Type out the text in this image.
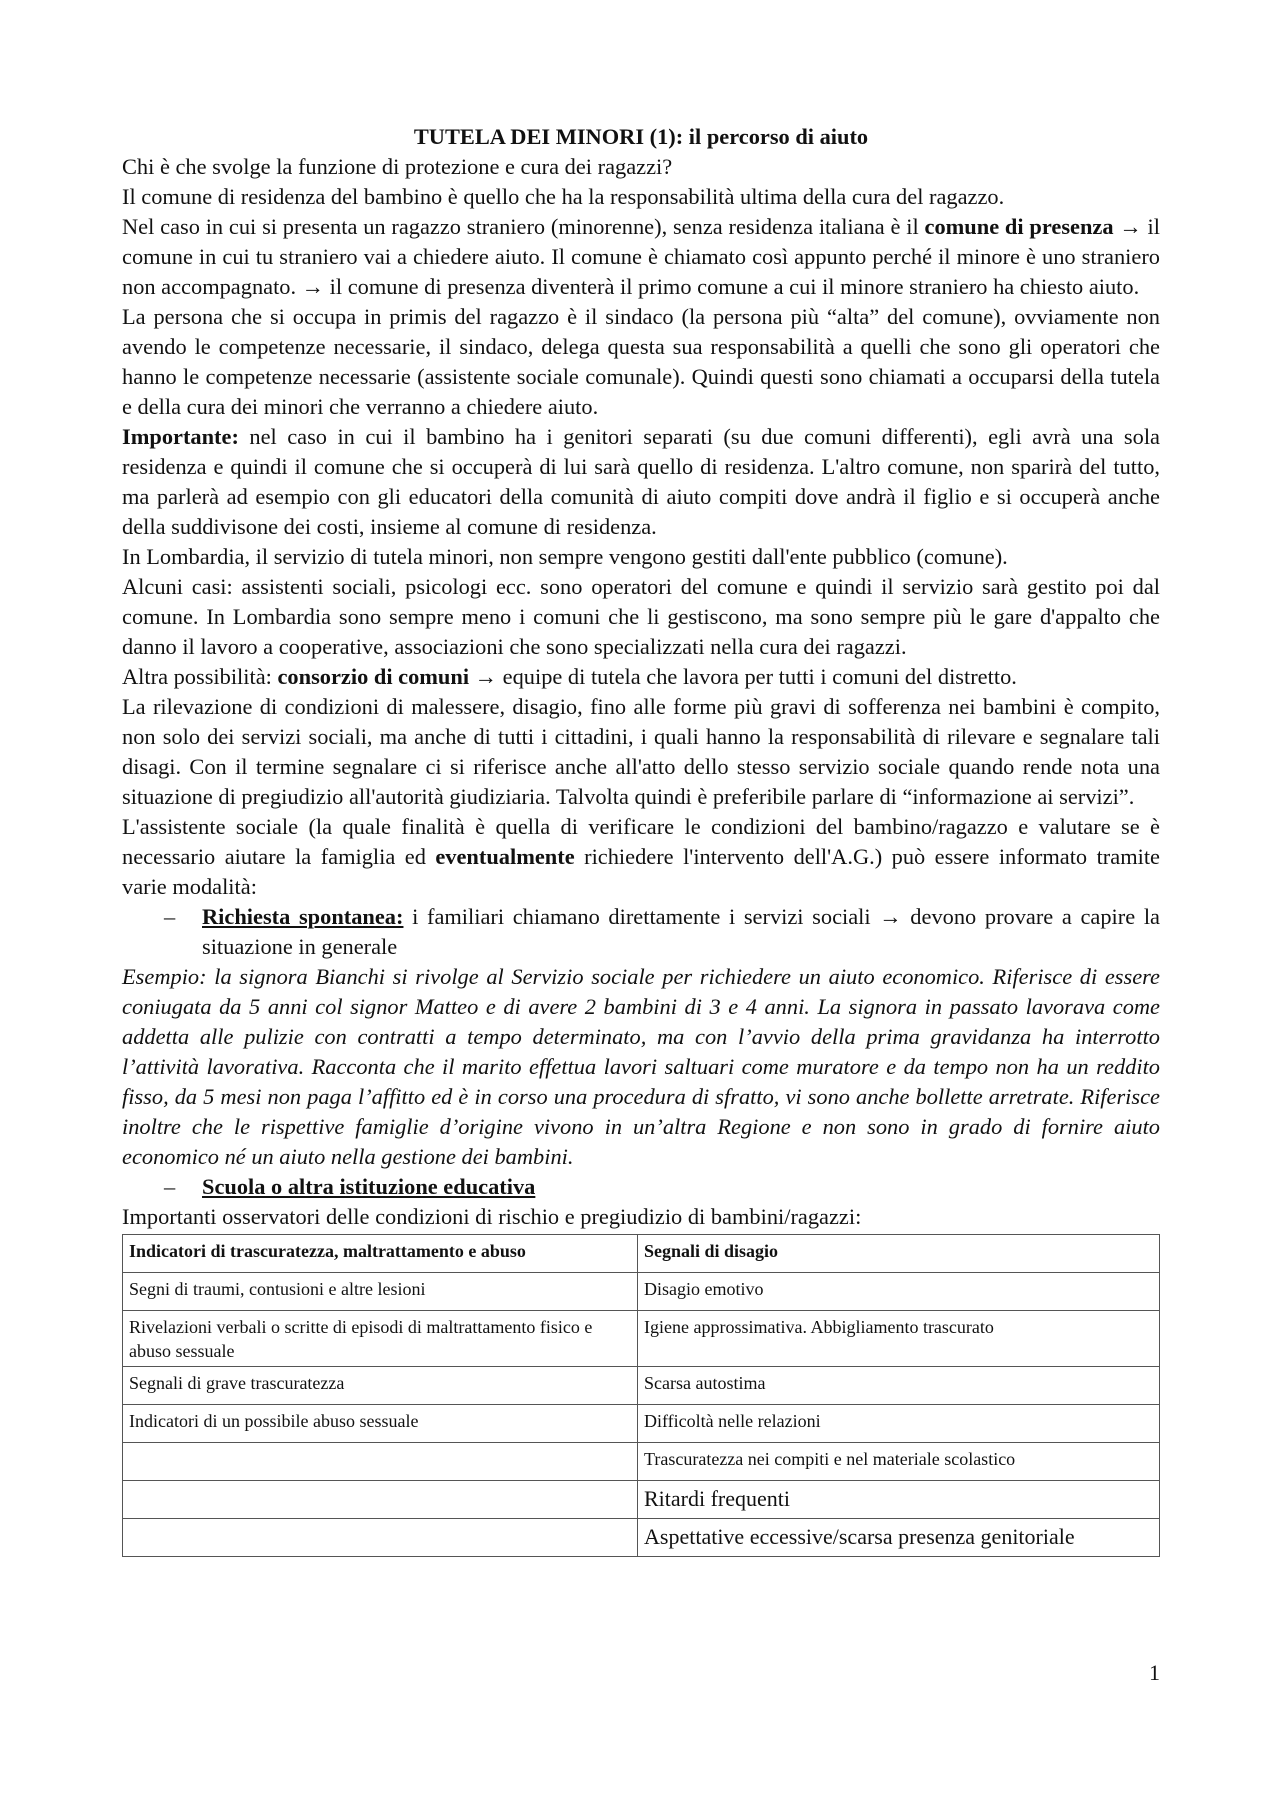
TUTELA DEI MINORI (1): il percorso di aiuto

Chi è che svolge la funzione di protezione e cura dei ragazzi?

Il comune di residenza del bambino è quello che ha la responsabilità ultima della cura del ragazzo.

Nel caso in cui si presenta un ragazzo straniero (minorenne), senza residenza italiana è il comune di presenza → il comune in cui tu straniero vai a chiedere aiuto. Il comune è chiamato così appunto perché il minore è uno straniero non accompagnato. → il comune di presenza diventerà il primo comune a cui il minore straniero ha chiesto aiuto.

La persona che si occupa in primis del ragazzo è il sindaco (la persona più “alta” del comune), ovviamente non avendo le competenze necessarie, il sindaco, delega questa sua responsabilità a quelli che sono gli operatori che hanno le competenze necessarie (assistente sociale comunale). Quindi questi sono chiamati a occuparsi della tutela e della cura dei minori che verranno a chiedere aiuto.

Importante: nel caso in cui il bambino ha i genitori separati (su due comuni differenti), egli avrà una sola residenza e quindi il comune che si occuperà di lui sarà quello di residenza. L'altro comune, non sparirà del tutto, ma parlerà ad esempio con gli educatori della comunità di aiuto compiti dove andrà il figlio e si occuperà anche della suddivisone dei costi, insieme al comune di residenza.

In Lombardia, il servizio di tutela minori, non sempre vengono gestiti dall'ente pubblico (comune).

Alcuni casi: assistenti sociali, psicologi ecc. sono operatori del comune e quindi il servizio sarà gestito poi dal comune. In Lombardia sono sempre meno i comuni che li gestiscono, ma sono sempre più le gare d'appalto che danno il lavoro a cooperative, associazioni che sono specializzati nella cura dei ragazzi.

Altra possibilità: consorzio di comuni → equipe di tutela che lavora per tutti i comuni del distretto.

La rilevazione di condizioni di malessere, disagio, fino alle forme più gravi di sofferenza nei bambini è compito, non solo dei servizi sociali, ma anche di tutti i cittadini, i quali hanno la responsabilità di rilevare e segnalare tali disagi. Con il termine segnalare ci si riferisce anche all'atto dello stesso servizio sociale quando rende nota una situazione di pregiudizio all'autorità giudiziaria. Talvolta quindi è preferibile parlare di “informazione ai servizi”.

L'assistente sociale (la quale finalità è quella di verificare le condizioni del bambino/ragazzo e valutare se è necessario aiutare la famiglia ed eventualmente richiedere l'intervento dell'A.G.) può essere informato tramite varie modalità:

–	Richiesta spontanea: i familiari chiamano direttamente i servizi sociali → devono provare a capire la situazione in generale

Esempio: la signora Bianchi si rivolge al Servizio sociale per richiedere un aiuto economico. Riferisce di essere coniugata da 5 anni col signor Matteo e di avere 2 bambini di 3 e 4 anni. La signora in passato lavorava come addetta alle pulizie con contratti a tempo determinato, ma con l’avvio della prima gravidanza ha interrotto l’attività lavorativa. Racconta che il marito effettua lavori saltuari come muratore e da tempo non ha un reddito fisso, da 5 mesi non paga l’affitto ed è in corso una procedura di sfratto, vi sono anche bollette arretrate. Riferisce inoltre che le rispettive famiglie d’origine vivono in un’altra Regione e non sono in grado di fornire aiuto economico né un aiuto nella gestione dei bambini.

–	Scuola o altra istituzione educativa

Importanti osservatori delle condizioni di rischio e pregiudizio di bambini/ragazzi:

Indicatori di trascuratezza, maltrattamento e abuso	Segnali di disagio
Segni di traumi, contusioni e altre lesioni	Disagio emotivo
Rivelazioni verbali o scritte di episodi di maltrattamento fisico e abuso sessuale	Igiene approssimativa. Abbigliamento trascurato
Segnali di grave trascuratezza	Scarsa autostima
Indicatori di un possibile abuso sessuale	Difficoltà nelle relazioni
	Trascuratezza nei compiti e nel materiale scolastico
	Ritardi frequenti
	Aspettative eccessive/scarsa presenza genitoriale
1
